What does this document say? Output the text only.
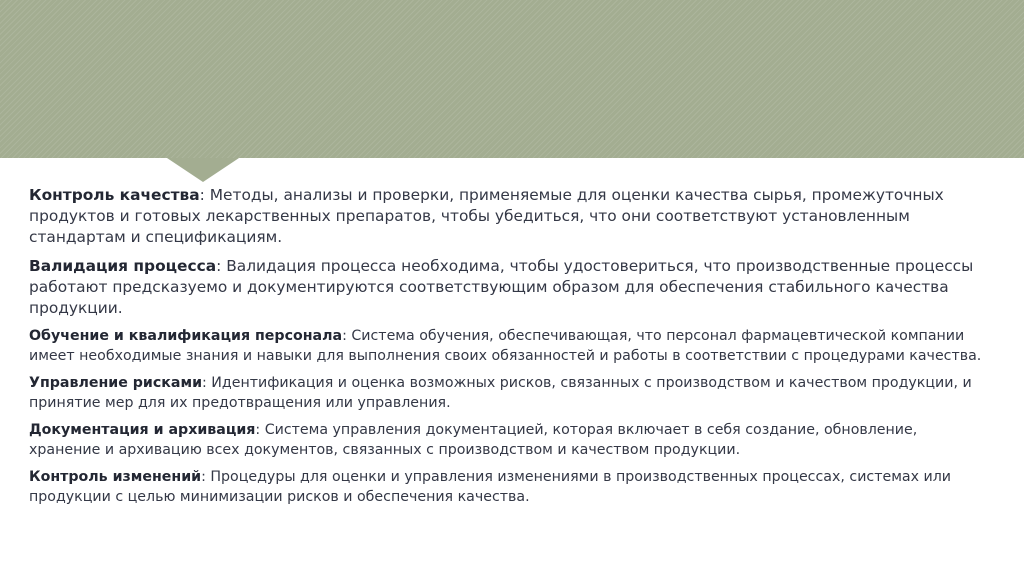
Контроль качества: Методы, анализы и проверки, применяемые для оценки качества сырья, промежуточных продуктов и готовых лекарственных препаратов, чтобы убедиться, что они соответствуют установленным стандартам и спецификациям.

Валидация процесса: Валидация процесса необходима, чтобы удостовериться, что производственные процессы работают предсказуемо и документируются соответствующим образом для обеспечения стабильного качества продукции.

Обучение и квалификация персонала: Система обучения, обеспечивающая, что персонал фармацевтической компании имеет необходимые знания и навыки для выполнения своих обязанностей и работы в соответствии с процедурами качества.

Управление рисками: Идентификация и оценка возможных рисков, связанных с производством и качеством продукции, и принятие мер для их предотвращения или управления.

Документация и архивация: Система управления документацией, которая включает в себя создание, обновление, хранение и архивацию всех документов, связанных с производством и качеством продукции.

Контроль изменений: Процедуры для оценки и управления изменениями в производственных процессах, системах или продукции с целью минимизации рисков и обеспечения качества.
